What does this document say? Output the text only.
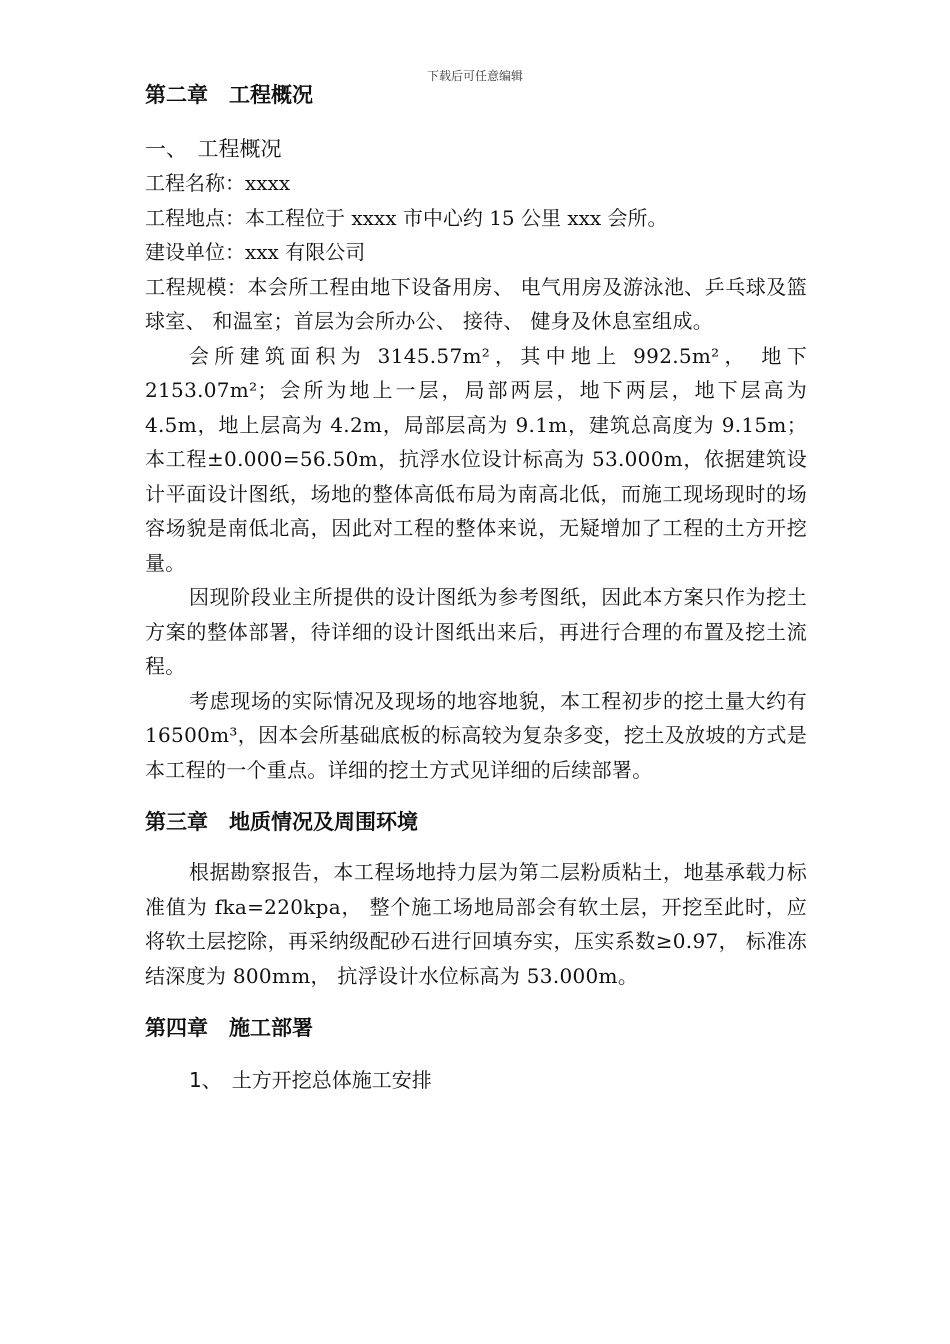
下载后可任意编辑
第二章　工程概况
一、　工程概况
工程名称：xxxx
工程地点：本工程位于 xxxx 市中心约 15 公里 xxx 会所。
建设单位：xxx 有限公司

工程规模：本会所工程由地下设备用房、 电气用房及游泳池、乒乓球及篮球室、 和温室；首层为会所办公、 接待、 健身及休息室组成。

会所建筑面积为 3145.57m²，其中地上 992.5m²， 地下 2153.07m²；会所为地上一层，局部两层，地下两层，地下层高为 4.5m，地上层高为 4.2m，局部层高为 9.1m，建筑总高度为 9.15m；本工程±0.000=56.50m，抗浮水位设计标高为 53.000m，依据建筑设计平面设计图纸，场地的整体高低布局为南高北低，而施工现场现时的场容场貌是南低北高，因此对工程的整体来说，无疑增加了工程的土方开挖量。

因现阶段业主所提供的设计图纸为参考图纸，因此本方案只作为挖土方案的整体部署，待详细的设计图纸出来后，再进行合理的布置及挖土流程。

考虑现场的实际情况及现场的地容地貌，本工程初步的挖土量大约有 16500m³，因本会所基础底板的标高较为复杂多变，挖土及放坡的方式是本工程的一个重点。详细的挖土方式见详细的后续部署。

第三章　地质情况及周围环境

根据勘察报告，本工程场地持力层为第二层粉质粘土，地基承载力标准值为 fka=220kpa， 整个施工场地局部会有软土层，开挖至此时，应将软土层挖除，再采纳级配砂石进行回填夯实，压实系数≥0.97， 标准冻结深度为 800mm， 抗浮设计水位标高为 53.000m。

第四章　施工部署
1、　土方开挖总体施工安排
